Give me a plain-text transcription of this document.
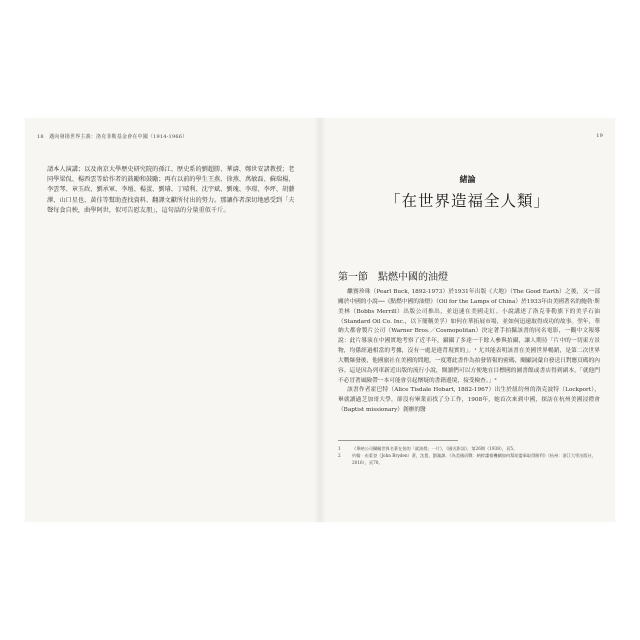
18 邁向發揚世界主義：洛克菲勒基金會在中國（1914-1966）

請本人演講；以及南京大學歷史研究院的孫江、歷史系的劉超勝、華濤、鄭世安諸教授；老同學梁侃、楊西雲等給作者的鼓勵和鼓勵；再有以前的學生王燕、徐燕、萬敏磊、蘇瑞楊、李雲琴、章玉政、劉承軍、李壇、楊蛋、劉璿、丁晴利、沈宇斌、劉瑰、李璟、李坪、胡藝澤、山口星也、黃佳等幫助查找資料、翻譯文獻所付出的努力。那讓作者深切地感受到「夫聲每食自秧，曲學阿世，似可告慰友朋」，這句話的分量重似千斤。

19
緒論
「在世界造福全人類」
第一節　點燃中國的油燈

繼賽珍珠（Pearl Buck, 1892-1973）於1931年出版《大地》（The Good Earth）之後，又一部關於中國的小說──《點燃中國的油燈》（Oil for the Lamps of China）於1933年由美國著名的鮑勃·斯美林（Bobbs Merrill）出版公司推出，並迅速在美國走紅。小說講述了洛克菲勒旗下的美孚石油（Standard Oil Co. Inc.，以下簡稱美孚）如何在華拓展市場，並如何迅速取得成功的故事。翌年，華納大都會製片公司（Warner Bros.／Cosmopolitan）決定著手拍攝該書的同名電影，一觀中文報導說：此片導演在中國實地考察了近半年，攝攝了多達一千餘人參與拍攝，讓人期待「片中的一切東方景物，均係經過相當的考據，沒有一處是違背現實的」。¹ 尤其能表明該書在美國世界暢銷，是第二次世界大戰爆發後，他國旅社在美國的問題，一度將此書作為拍發情報的密碼，闡顯詞彙自發送日對應頁碼的內容。這是因為列車新近出版的流行小說，閱讀們可以方便地在目標國的圖書館或書店得到副本，「就他門不必冒著風險帶一本可能會引起懷疑的書籍邊境，接受檢查。」²

該書作者霍巴特（Alice Tisdale Hobart, 1882-1967）出生於紐約州的洛克波特（Lockport），畢就讀過芝加哥大學，卻沒有畢業而找了分工作，1908年，她首次來到中國，探訪在杭州美國浸禮會（Baptist missionary）創辦的醫

1	《華納公司攝撮世界名著在拍的「就油燈」一片》，《國光影訊》，第26期（1938），頁5。
2	約翰‧布萊登（John Bryden）著，沈寬、劉滿譯，《為美國而戰：納粹諜報機關如何幫助盟軍取得勝利》（杭州：浙江大學出版社，2016），頁70。
